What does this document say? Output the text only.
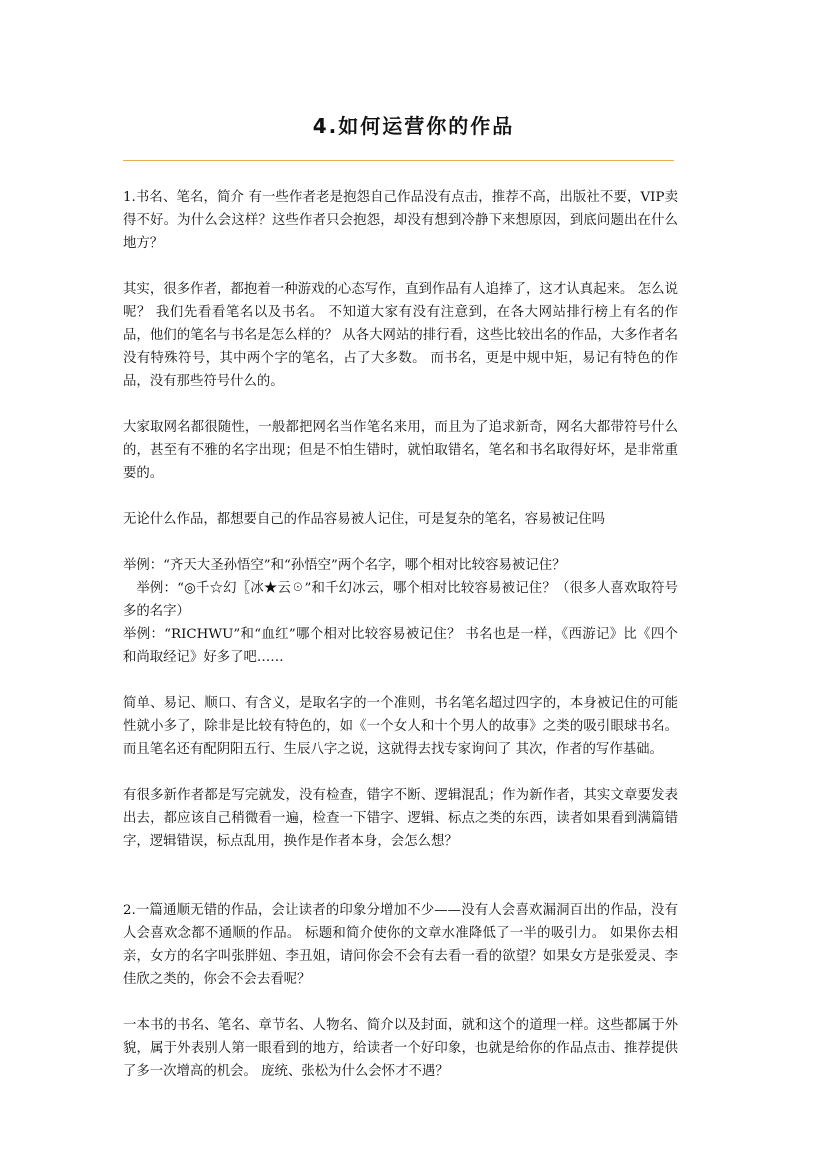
4.如何运营你的作品

1.书名、笔名，简介 有一些作者老是抱怨自己作品没有点击，推荐不高，出版社不要，VIP卖得不好。为什么会这样？这些作者只会抱怨，却没有想到冷静下来想原因，到底问题出在什么地方？

其实，很多作者，都抱着一种游戏的心态写作，直到作品有人追捧了，这才认真起来。 怎么说呢？ 我们先看看笔名以及书名。 不知道大家有没有注意到，在各大网站排行榜上有名的作品，他们的笔名与书名是怎么样的？ 从各大网站的排行看，这些比较出名的作品，大多作者名没有特殊符号，其中两个字的笔名，占了大多数。 而书名，更是中规中矩，易记有特色的作品，没有那些符号什么的。

大家取网名都很随性，一般都把网名当作笔名来用，而且为了追求新奇，网名大都带符号什么的，甚至有不雅的名字出现；但是不怕生错时，就怕取错名，笔名和书名取得好坏，是非常重要的。

无论什么作品，都想要自己的作品容易被人记住，可是复杂的笔名，容易被记住吗

举例：“齐天大圣孙悟空”和“孙悟空”两个名字，哪个相对比较容易被记住？

举例：“◎千☆幻〖冰★云☉”和千幻冰云，哪个相对比较容易被记住？（很多人喜欢取符号多的名字）

举例：“RICHWU”和“血红”哪个相对比较容易被记住？ 书名也是一样，《西游记》比《四个和尚取经记》好多了吧……

简单、易记、顺口、有含义，是取名字的一个准则，书名笔名超过四字的，本身被记住的可能性就小多了，除非是比较有特色的，如《一个女人和十个男人的故事》之类的吸引眼球书名。 而且笔名还有配阴阳五行、生辰八字之说，这就得去找专家询问了 其次，作者的写作基础。

有很多新作者都是写完就发，没有检查，错字不断、逻辑混乱；作为新作者，其实文章要发表出去，都应该自己稍微看一遍，检查一下错字、逻辑、标点之类的东西，读者如果看到满篇错字，逻辑错误，标点乱用，换作是作者本身，会怎么想？

2.一篇通顺无错的作品，会让读者的印象分增加不少——没有人会喜欢漏洞百出的作品，没有人会喜欢念都不通顺的作品。 标题和简介使你的文章水准降低了一半的吸引力。 如果你去相亲，女方的名字叫张胖妞、李丑姐，请问你会不会有去看一看的欲望？如果女方是张爱灵、李佳欣之类的，你会不会去看呢？

一本书的书名、笔名、章节名、人物名、简介以及封面，就和这个的道理一样。这些都属于外貌，属于外表别人第一眼看到的地方，给读者一个好印象，也就是给你的作品点击、推荐提供了多一次增高的机会。 庞统、张松为什么会怀才不遇？
